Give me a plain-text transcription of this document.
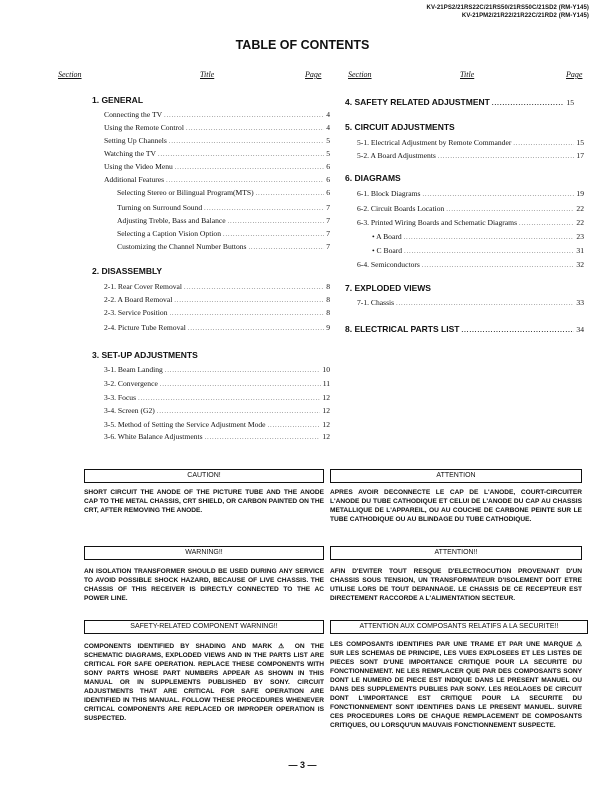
KV-21PS2/21RS22C/21RS50/21RS50C/21SD2 (RM-Y145)
KV-21PM2/21R22/21R22C/21RD2 (RM-Y145)
TABLE OF CONTENTS
Section	Title	Page	Section	Title	Page
1. GENERAL
Connecting the TV .....	4
Using the Remote Control .....	4
Setting Up Channels .....	5
Watching the TV .....	5
Using the Video Menu .....	6
Additional Features .....	6
Selecting Stereo or Bilingual Program(MTS) .....	6
Turning on Surround Sound .....	7
Adjusting Treble, Bass and Balance .....	7
Selecting a Caption Vision Option .....	7
Customizing the Channel Number Buttons .....	7
2. DISASSEMBLY
2-1. Rear Cover Removal .....	8
2-2. A Board Removal .....	8
2-3. Service Position .....	8
2-4. Picture Tube Removal .....	9
3. SET-UP ADJUSTMENTS
3-1. Beam Landing .....	10
3-2. Convergence .....	11
3-3. Focus .....	12
3-4. Screen (G2) .....	12
3-5. Method of Setting the Service Adjustment Mode .....	12
3-6. White Balance Adjustments .....	12
4. SAFETY RELATED ADJUSTMENT .....	15
5. CIRCUIT ADJUSTMENTS
5-1. Electrical Adjustment by Remote Commander .....	15
5-2. A Board Adjustments .....	17
6. DIAGRAMS
6-1. Block Diagrams .....	19
6-2. Circuit Boards Location .....	22
6-3. Printed Wiring Boards and Schematic Diagrams .....	22
• A Board .....	23
• C Board .....	31
6-4. Semiconductors .....	32
7. EXPLODED VIEWS
7-1. Chassis .....	33
8. ELECTRICAL PARTS LIST .....	34
CAUTION!
SHORT CIRCUIT THE ANODE OF THE PICTURE TUBE AND THE ANODE CAP TO THE METAL CHASSIS, CRT SHIELD, OR CARBON PAINTED ON THE CRT, AFTER REMOVING THE ANODE.
ATTENTION
APRES AVOIR DECONNECTE LE CAP DE L'ANODE, COURT-CIRCUITER L'ANODE DU TUBE CATHODIQUE ET CELUI DE L'ANODE DU CAP AU CHASSIS METALLIQUE DE L'APPAREIL, OU AU COUCHE DE CARBONE PEINTE SUR LE TUBE CATHODIQUE OU AU BLINDAGE DU TUBE CATHODIQUE.
WARNING!!
AN ISOLATION TRANSFORMER SHOULD BE USED DURING ANY SERVICE TO AVOID POSSIBLE SHOCK HAZARD, BECAUSE OF LIVE CHASSIS. THE CHASSIS OF THIS RECEIVER IS DIRECTLY CONNECTED TO THE AC POWER LINE.
ATTENTION!!
AFIN D'EVITER TOUT RESQUE D'ELECTROCUTION PROVENANT D'UN CHASSIS SOUS TENSION, UN TRANSFORMATEUR D'ISOLEMENT DOIT ETRE UTILISE LORS DE TOUT DEPANNAGE. LE CHASSIS DE CE RECEPTEUR EST DIRECTEMENT RACCORDE A L'ALIMENTATION SECTEUR.
SAFETY-RELATED COMPONENT WARNING!!
COMPONENTS IDENTIFIED BY SHADING AND MARK ⚠ ON THE SCHEMATIC DIAGRAMS, EXPLODED VIEWS AND IN THE PARTS LIST ARE CRITICAL FOR SAFE OPERATION. REPLACE THESE COMPONENTS WITH SONY PARTS WHOSE PART NUMBERS APPEAR AS SHOWN IN THIS MANUAL OR IN SUPPLEMENTS PUBLISHED BY SONY. CIRCUIT ADJUSTMENTS THAT ARE CRITICAL FOR SAFE OPERATION ARE IDENTIFIED IN THIS MANUAL. FOLLOW THESE PROCEDURES WHENEVER CRITICAL COMPONENTS ARE REPLACED OR IMPROPER OPERATION IS SUSPECTED.
ATTENTION AUX COMPOSANTS RELATIFS A LA SECURITE!!
LES COMPOSANTS IDENTIFIES PAR UNE TRAME ET PAR UNE MARQUE ⚠ SUR LES SCHEMAS DE PRINCIPE, LES VUES EXPLOSEES ET LES LISTES DE PIECES SONT D'UNE IMPORTANCE CRITIQUE POUR LA SECURITE DU FONCTIONNEMENT. NE LES REMPLACER QUE PAR DES COMPOSANTS SONY DONT LE NUMERO DE PIECE EST INDIQUE DANS LE PRESENT MANUEL OU DANS DES SUPPLEMENTS PUBLIES PAR SONY. LES REGLAGES DE CIRCUIT DONT L'IMPORTANCE EST CRITIQUE POUR LA SECURITE DU FONCTIONNEMENT SONT IDENTIFIES DANS LE PRESENT MANUEL. SUIVRE CES PROCEDURES LORS DE CHAQUE REMPLACEMENT DE COMPOSANTS CRITIQUES, OU LORSQU'UN MAUVAIS FONCTIONNEMENT SUSPECTE.
— 3 —
